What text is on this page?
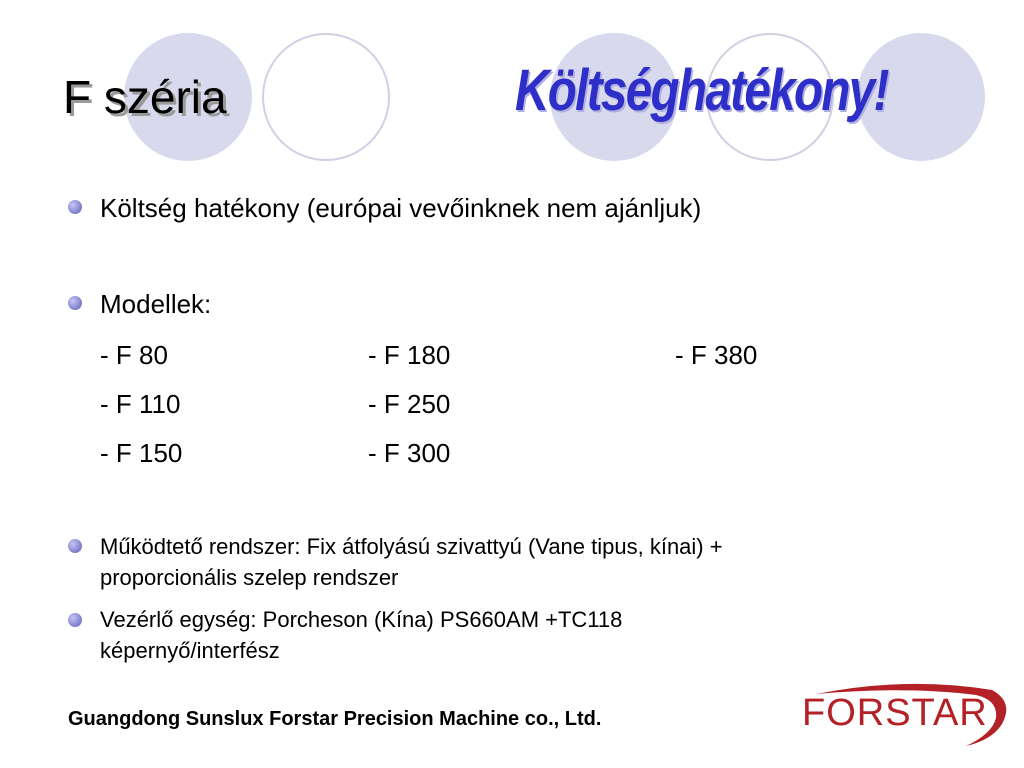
F széria	Költséghatékony!
Költség hatékony (európai vevőinknek nem ajánljuk)
Modellek:
- F 80	- F 180	- F 380
- F 110	- F 250
- F 150	- F 300
Működtető rendszer: Fix átfolyású szivattyú (Vane tipus, kínai) +
proporcionális szelep rendszer
Vezérlő egység: Porcheson (Kína) PS660AM +TC118
képernyő/interfész
Guangdong Sunslux Forstar Precision Machine co., Ltd.	FORSTAR
